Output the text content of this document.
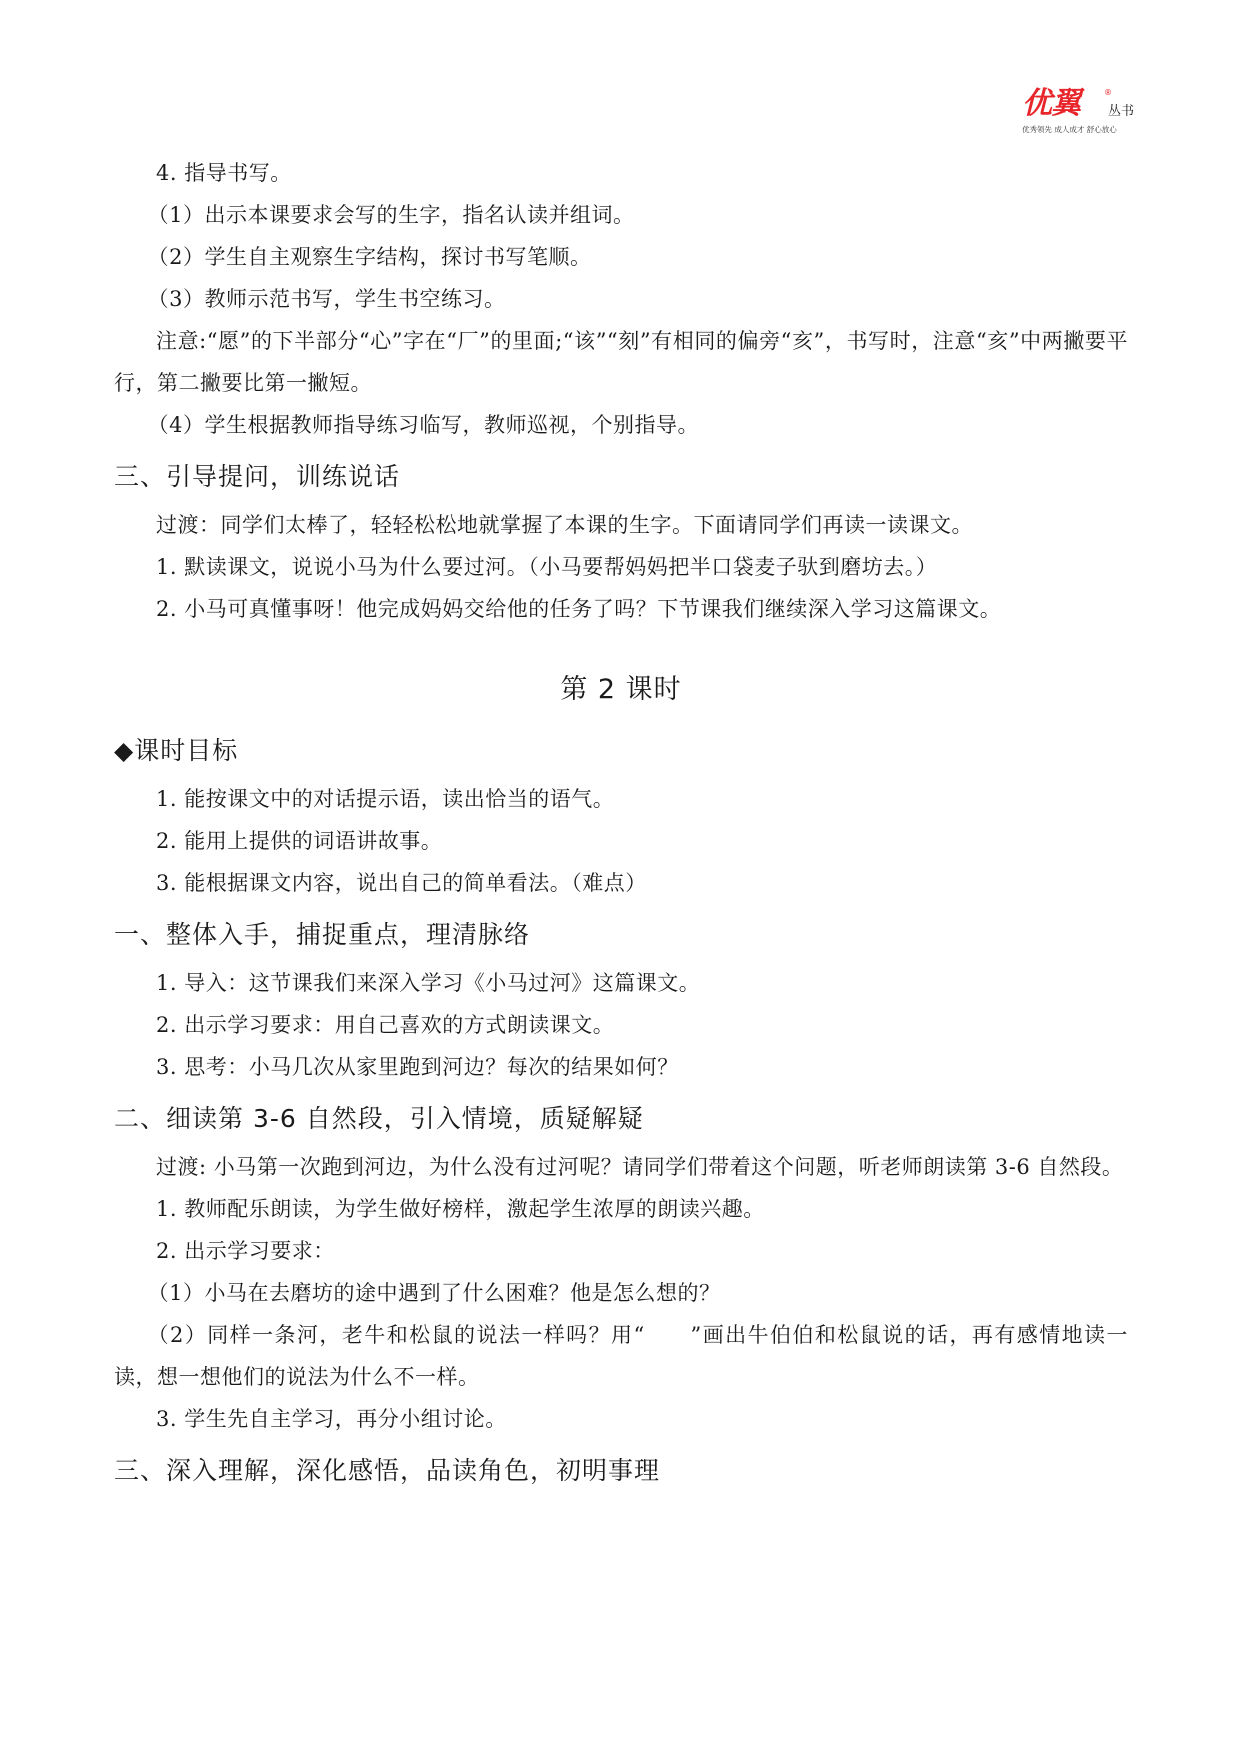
优翼	®
丛书
优秀领先 成人成才 舒心放心

4. 指导书写。

（1）出示本课要求会写的生字，指名认读并组词。

（2）学生自主观察生字结构，探讨书写笔顺。

（3）教师示范书写，学生书空练习。

注意:“愿”的下半部分“心”字在“厂”的里面;“该”“刻”有相同的偏旁“亥”，书写时，注意“亥”中两撇要平行，第二撇要比第一撇短。

（4）学生根据教师指导练习临写，教师巡视，个别指导。

三、引导提问，训练说话

过渡：同学们太棒了，轻轻松松地就掌握了本课的生字。下面请同学们再读一读课文。

1. 默读课文，说说小马为什么要过河。（小马要帮妈妈把半口袋麦子驮到磨坊去。）

2. 小马可真懂事呀！他完成妈妈交给他的任务了吗？下节课我们继续深入学习这篇课文。

第 2 课时
◆课时目标

1. 能按课文中的对话提示语，读出恰当的语气。

2. 能用上提供的词语讲故事。

3. 能根据课文内容，说出自己的简单看法。（难点）

一、整体入手，捕捉重点，理清脉络

1. 导入：这节课我们来深入学习《小马过河》这篇课文。

2. 出示学习要求：用自己喜欢的方式朗读课文。

3. 思考：小马几次从家里跑到河边？每次的结果如何？

二、细读第 3-6 自然段，引入情境，质疑解疑

过渡: 小马第一次跑到河边，为什么没有过河呢？请同学们带着这个问题，听老师朗读第 3-6 自然段。

1. 教师配乐朗读，为学生做好榜样，激起学生浓厚的朗读兴趣。

2. 出示学习要求：

（1）小马在去磨坊的途中遇到了什么困难？他是怎么想的？

（2）同样一条河，老牛和松鼠的说法一样吗？用“　　”画出牛伯伯和松鼠说的话，再有感情地读一读，想一想他们的说法为什么不一样。

3. 学生先自主学习，再分小组讨论。

三、深入理解，深化感悟，品读角色，初明事理
